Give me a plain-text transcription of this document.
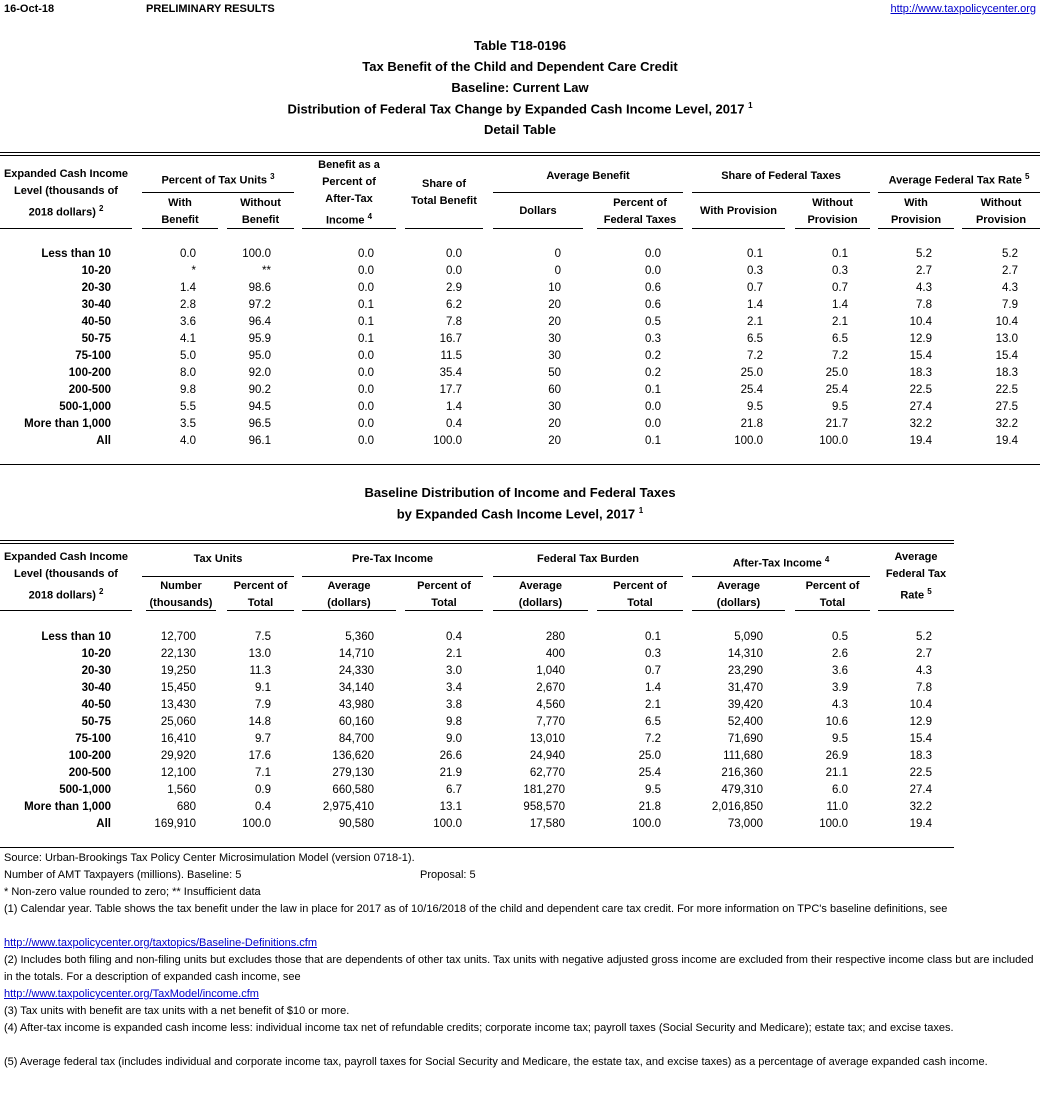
16-Oct-18	PRELIMINARY RESULTS	http://www.taxpolicycenter.org
Table T18-0196
Tax Benefit of the Child and Dependent Care Credit
Baseline: Current Law
Distribution of Federal Tax Change by Expanded Cash Income Level, 2017 $^1$
Detail Table
Expanded Cash Income
Level (thousands of
2018 dollars) $^2$
Percent of Tax Units $^3$
With
Benefit
Without
Benefit
Benefit as a
Percent of
After-Tax
Income $^4$
Share of
Total Benefit
Average Benefit
Dollars
Percent of
Federal Taxes
Share of Federal Taxes
With Provision
Without
Provision
Average Federal Tax Rate $^5$
With
Provision
Without
Provision
Less than 10	0.0	100.0	0.0	0.0	0	0.0	0.1	0.1	5.2	5.2
10-20	*	**	0.0	0.0	0	0.0	0.3	0.3	2.7	2.7
20-30	1.4	98.6	0.0	2.9	10	0.6	0.7	0.7	4.3	4.3
30-40	2.8	97.2	0.1	6.2	20	0.6	1.4	1.4	7.8	7.9
40-50	3.6	96.4	0.1	7.8	20	0.5	2.1	2.1	10.4	10.4
50-75	4.1	95.9	0.1	16.7	30	0.3	6.5	6.5	12.9	13.0
75-100	5.0	95.0	0.0	11.5	30	0.2	7.2	7.2	15.4	15.4
100-200	8.0	92.0	0.0	35.4	50	0.2	25.0	25.0	18.3	18.3
200-500	9.8	90.2	0.0	17.7	60	0.1	25.4	25.4	22.5	22.5
500-1,000	5.5	94.5	0.0	1.4	30	0.0	9.5	9.5	27.4	27.5
More than 1,000	3.5	96.5	0.0	0.4	20	0.0	21.8	21.7	32.2	32.2
All	4.0	96.1	0.0	100.0	20	0.1	100.0	100.0	19.4	19.4
Baseline Distribution of Income and Federal Taxes
by Expanded Cash Income Level, 2017 $^1$
Expanded Cash Income
Level (thousands of
2018 dollars) $^2$
Tax Units
Number
(thousands)
Percent of
Total
Pre-Tax Income
Average
(dollars)
Percent of
Total
Federal Tax Burden
Average
(dollars)
Percent of
Total
After-Tax Income $^4$
Average
(dollars)
Percent of
Total
Average
Federal Tax
Rate $^5$
Less than 10	12,700	7.5	5,360	0.4	280	0.1	5,090	0.5	5.2
10-20	22,130	13.0	14,710	2.1	400	0.3	14,310	2.6	2.7
20-30	19,250	11.3	24,330	3.0	1,040	0.7	23,290	3.6	4.3
30-40	15,450	9.1	34,140	3.4	2,670	1.4	31,470	3.9	7.8
40-50	13,430	7.9	43,980	3.8	4,560	2.1	39,420	4.3	10.4
50-75	25,060	14.8	60,160	9.8	7,770	6.5	52,400	10.6	12.9
75-100	16,410	9.7	84,700	9.0	13,010	7.2	71,690	9.5	15.4
100-200	29,920	17.6	136,620	26.6	24,940	25.0	111,680	26.9	18.3
200-500	12,100	7.1	279,130	21.9	62,770	25.4	216,360	21.1	22.5
500-1,000	1,560	0.9	660,580	6.7	181,270	9.5	479,310	6.0	27.4
More than 1,000	680	0.4	2,975,410	13.1	958,570	21.8	2,016,850	11.0	32.2
All	169,910	100.0	90,580	100.0	17,580	100.0	73,000	100.0	19.4
Source: Urban-Brookings Tax Policy Center Microsimulation Model (version 0718-1).
Number of AMT Taxpayers (millions). Baseline: 5	Proposal: 5
* Non-zero value rounded to zero; ** Insufficient data
(1) Calendar year. Table shows the tax benefit under the law in place for 2017 as of 10/16/2018 of the child and dependent care tax credit. For more information on TPC's baseline definitions, see
http://www.taxpolicycenter.org/taxtopics/Baseline-Definitions.cfm
(2) Includes both filing and non-filing units but excludes those that are dependents of other tax units. Tax units with negative adjusted gross income are excluded from their respective income class but are included in the totals. For a description of expanded cash income, see
http://www.taxpolicycenter.org/TaxModel/income.cfm
(3) Tax units with benefit are tax units with a net benefit of $10 or more.
(4) After-tax income is expanded cash income less: individual income tax net of refundable credits; corporate income tax; payroll taxes (Social Security and Medicare); estate tax; and excise taxes.
(5) Average federal tax (includes individual and corporate income tax, payroll taxes for Social Security and Medicare, the estate tax, and excise taxes) as a percentage of average expanded cash income.
